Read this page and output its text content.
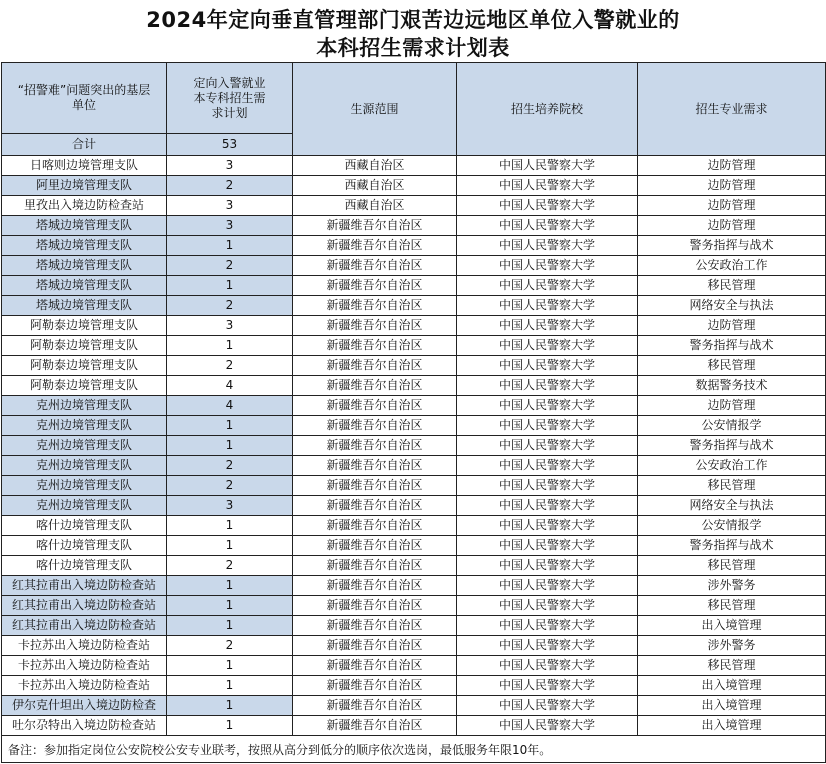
2024年定向垂直管理部门艰苦边远地区单位入警就业的
本科招生需求计划表
“招警难”问题突出的基层单位	定向入警就业本专科招生需求计划	生源范围	招生培养院校	招生专业需求
合计	53			
日喀则边境管理支队	3	西藏自治区	中国人民警察大学	边防管理
阿里边境管理支队	2	西藏自治区	中国人民警察大学	边防管理
里孜出入境边防检查站	3	西藏自治区	中国人民警察大学	边防管理
塔城边境管理支队	3	新疆维吾尔自治区	中国人民警察大学	边防管理
塔城边境管理支队	1	新疆维吾尔自治区	中国人民警察大学	警务指挥与战术
塔城边境管理支队	2	新疆维吾尔自治区	中国人民警察大学	公安政治工作
塔城边境管理支队	1	新疆维吾尔自治区	中国人民警察大学	移民管理
塔城边境管理支队	2	新疆维吾尔自治区	中国人民警察大学	网络安全与执法
阿勒泰边境管理支队	3	新疆维吾尔自治区	中国人民警察大学	边防管理
阿勒泰边境管理支队	1	新疆维吾尔自治区	中国人民警察大学	警务指挥与战术
阿勒泰边境管理支队	2	新疆维吾尔自治区	中国人民警察大学	移民管理
阿勒泰边境管理支队	4	新疆维吾尔自治区	中国人民警察大学	数据警务技术
克州边境管理支队	4	新疆维吾尔自治区	中国人民警察大学	边防管理
克州边境管理支队	1	新疆维吾尔自治区	中国人民警察大学	公安情报学
克州边境管理支队	1	新疆维吾尔自治区	中国人民警察大学	警务指挥与战术
克州边境管理支队	2	新疆维吾尔自治区	中国人民警察大学	公安政治工作
克州边境管理支队	2	新疆维吾尔自治区	中国人民警察大学	移民管理
克州边境管理支队	3	新疆维吾尔自治区	中国人民警察大学	网络安全与执法
喀什边境管理支队	1	新疆维吾尔自治区	中国人民警察大学	公安情报学
喀什边境管理支队	1	新疆维吾尔自治区	中国人民警察大学	警务指挥与战术
喀什边境管理支队	2	新疆维吾尔自治区	中国人民警察大学	移民管理
红其拉甫出入境边防检查站	1	新疆维吾尔自治区	中国人民警察大学	涉外警务
红其拉甫出入境边防检查站	1	新疆维吾尔自治区	中国人民警察大学	移民管理
红其拉甫出入境边防检查站	1	新疆维吾尔自治区	中国人民警察大学	出入境管理
卡拉苏出入境边防检查站	2	新疆维吾尔自治区	中国人民警察大学	涉外警务
卡拉苏出入境边防检查站	1	新疆维吾尔自治区	中国人民警察大学	移民管理
卡拉苏出入境边防检查站	1	新疆维吾尔自治区	中国人民警察大学	出入境管理
伊尔克什坦出入境边防检查	1	新疆维吾尔自治区	中国人民警察大学	出入境管理
吐尔尕特出入境边防检查站	1	新疆维吾尔自治区	中国人民警察大学	出入境管理
备注：参加指定岗位公安院校公安专业联考，按照从高分到低分的顺序依次选岗，最低服务年限10年。				
